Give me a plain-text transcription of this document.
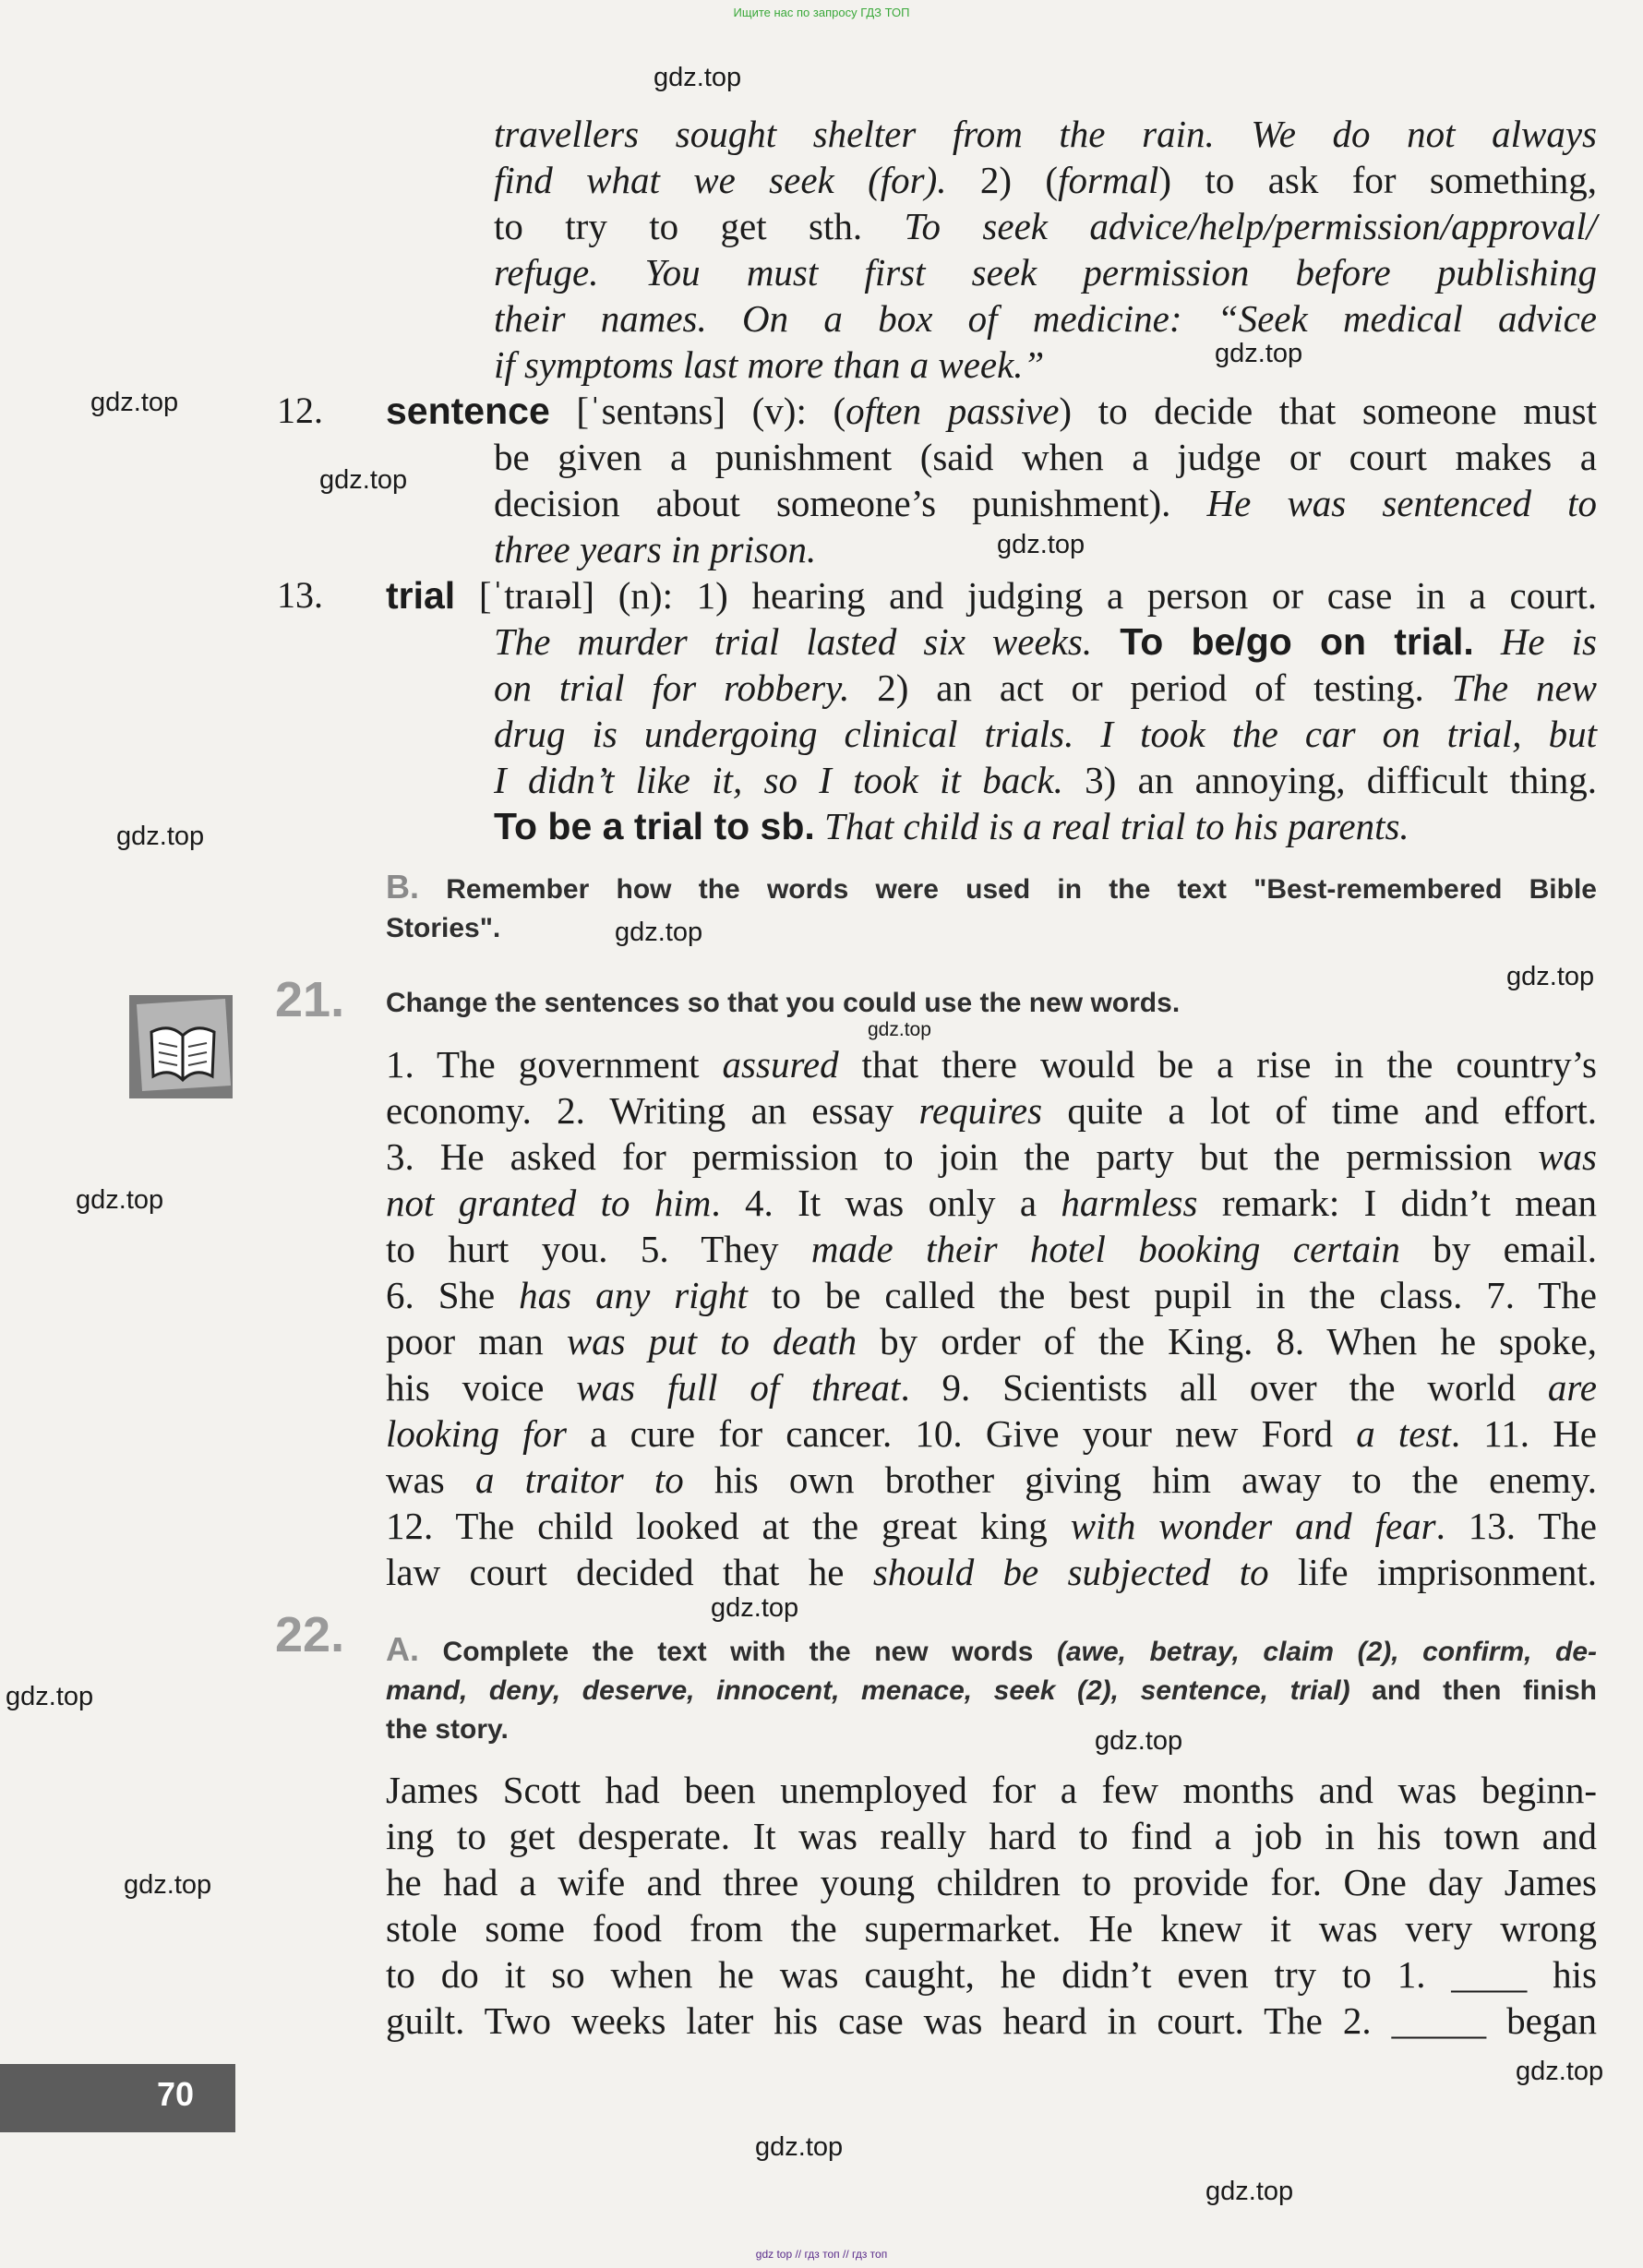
Ищите нас по запросу ГДЗ ТОП
gdz top // гдз топ // гдз топ

travellers sought shelter from the rain. We do not always
find what we seek (for). 2) (formal) to ask for something,
to try to get sth. To seek advice/help/permission/approval/
refuge. You must first seek permission before publishing
their names. On a box of medicine: “Seek medical advice
if symptoms last more than a week.”
12. sentence [ˈsentəns] (v): (often passive) to decide that someone must
be given a punishment (said when a judge or court makes a
decision about someone’s punishment). He was sentenced to
three years in prison.
13. trial [ˈtraɪəl] (n): 1) hearing and judging a person or case in a court.
The murder trial lasted six weeks. To be/go on trial. He is
on trial for robbery. 2) an act or period of testing. The new
drug is undergoing clinical trials. I took the car on trial, but
I didn’t like it, so I took it back. 3) an annoying, difficult thing.
To be a trial to sb. That child is a real trial to his parents.
B. Remember how the words were used in the text "Best-remembered Bible
Stories".
21. Change the sentences so that you could use the new words.
1. The government assured that there would be a rise in the country’s
economy. 2. Writing an essay requires quite a lot of time and effort.
3. He asked for permission to join the party but the permission was
not granted to him. 4. It was only a harmless remark: I didn’t mean
to hurt you. 5. They made their hotel booking certain by email.
6. She has any right to be called the best pupil in the class. 7. The
poor man was put to death by order of the King. 8. When he spoke,
his voice was full of threat. 9. Scientists all over the world are
looking for a cure for cancer. 10. Give your new Ford a test. 11. He
was a traitor to his own brother giving him away to the enemy.
12. The child looked at the great king with wonder and fear. 13. The
law court decided that he should be subjected to life imprisonment.
22. A. Complete the text with the new words (awe, betray, claim (2), confirm, de-
mand, deny, deserve, innocent, menace, seek (2), sentence, trial) and then finish
the story.
James Scott had been unemployed for a few months and was beginn-
ing to get desperate. It was really hard to find a job in his town and
he had a wife and three young children to provide for. One day James
stole some food from the supermarket. He knew it was very wrong
to do it so when he was caught, he didn’t even try to 1. ____ his
guilt. Two weeks later his case was heard in court. The 2. _____ began
70
gdz.top
gdz.top
gdz.top
gdz.top
gdz.top
gdz.top
gdz.top
gdz.top
gdz.top
gdz.top
gdz.top
gdz.top
gdz.top
gdz.top
gdz.top
gdz.top
gdz.top
